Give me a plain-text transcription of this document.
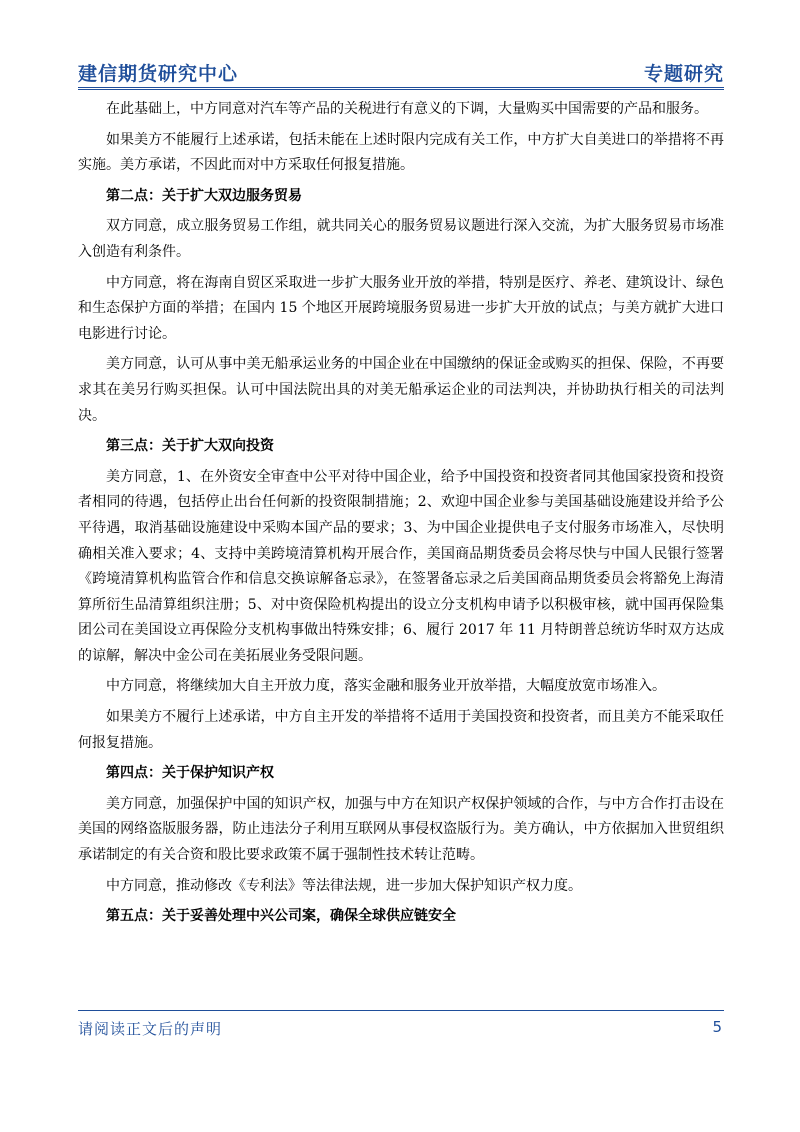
建信期货研究中心	专题研究

在此基础上，中方同意对汽车等产品的关税进行有意义的下调，大量购买中国需要的产品和服务。

如果美方不能履行上述承诺，包括未能在上述时限内完成有关工作，中方扩大自美进口的举措将不再实施。美方承诺，不因此而对中方采取任何报复措施。

第二点：关于扩大双边服务贸易

双方同意，成立服务贸易工作组，就共同关心的服务贸易议题进行深入交流，为扩大服务贸易市场准入创造有利条件。

中方同意，将在海南自贸区采取进一步扩大服务业开放的举措，特别是医疗、养老、建筑设计、绿色和生态保护方面的举措；在国内 15 个地区开展跨境服务贸易进一步扩大开放的试点；与美方就扩大进口电影进行讨论。

美方同意，认可从事中美无船承运业务的中国企业在中国缴纳的保证金或购买的担保、保险，不再要求其在美另行购买担保。认可中国法院出具的对美无船承运企业的司法判决，并协助执行相关的司法判决。

第三点：关于扩大双向投资

美方同意，1、在外资安全审查中公平对待中国企业，给予中国投资和投资者同其他国家投资和投资者相同的待遇，包括停止出台任何新的投资限制措施；2、欢迎中国企业参与美国基础设施建设并给予公平待遇，取消基础设施建设中采购本国产品的要求；3、为中国企业提供电子支付服务市场准入，尽快明确相关准入要求；4、支持中美跨境清算机构开展合作，美国商品期货委员会将尽快与中国人民银行签署《跨境清算机构监管合作和信息交换谅解备忘录》，在签署备忘录之后美国商品期货委员会将豁免上海清算所衍生品清算组织注册；5、对中资保险机构提出的设立分支机构申请予以积极审核，就中国再保险集团公司在美国设立再保险分支机构事做出特殊安排；6、履行 2017 年 11 月特朗普总统访华时双方达成的谅解，解决中金公司在美拓展业务受限问题。

中方同意，将继续加大自主开放力度，落实金融和服务业开放举措，大幅度放宽市场准入。

如果美方不履行上述承诺，中方自主开发的举措将不适用于美国投资和投资者，而且美方不能采取任何报复措施。

第四点：关于保护知识产权

美方同意，加强保护中国的知识产权，加强与中方在知识产权保护领域的合作，与中方合作打击设在美国的网络盗版服务器，防止违法分子利用互联网从事侵权盗版行为。美方确认，中方依据加入世贸组织承诺制定的有关合资和股比要求政策不属于强制性技术转让范畴。

中方同意，推动修改《专利法》等法律法规，进一步加大保护知识产权力度。

第五点：关于妥善处理中兴公司案，确保全球供应链安全

请阅读正文后的声明	5
